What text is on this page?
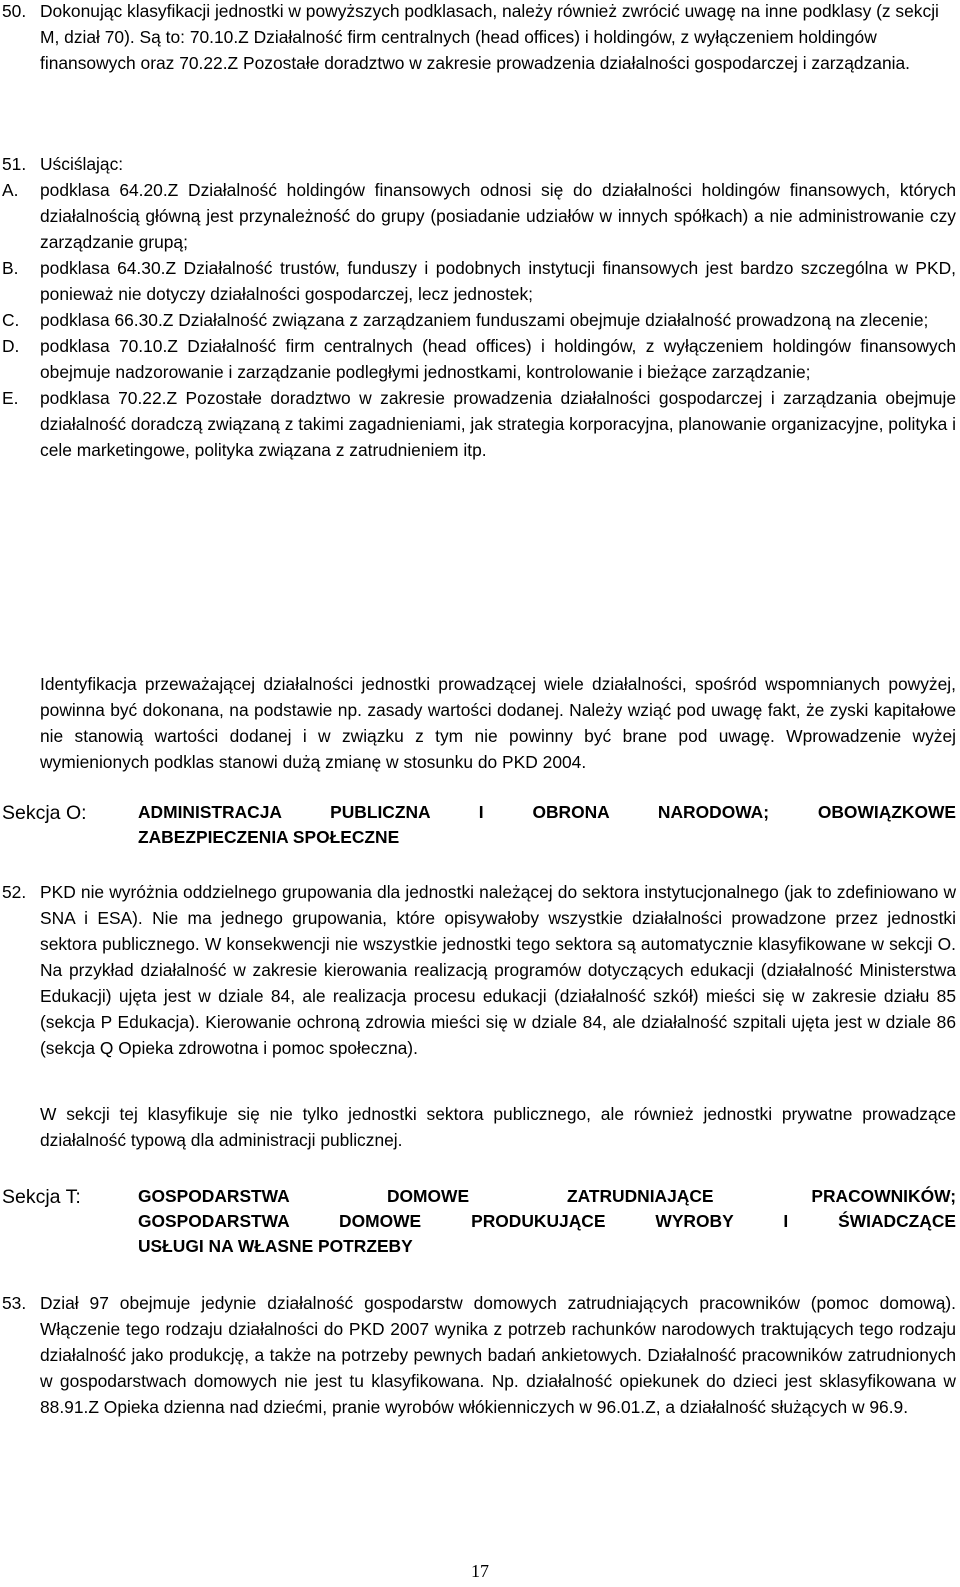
50. Dokonując klasyfikacji jednostki w powyższych podklasach, należy również zwrócić uwagę na inne podklasy (z sekcji M, dział 70). Są to: 70.10.Z Działalność firm centralnych (head offices) i holdingów, z wyłączeniem holdingów finansowych oraz 70.22.Z Pozostałe doradztwo w zakresie prowadzenia działalności gospodarczej i zarządzania.
51. Uściślając:
A. podklasa 64.20.Z Działalność holdingów finansowych odnosi się do działalności holdingów finansowych, których działalnością główną jest przynależność do grupy (posiadanie udziałów w innych spółkach) a nie administrowanie czy zarządzanie grupą;
B. podklasa 64.30.Z Działalność trustów, funduszy i podobnych instytucji finansowych jest bardzo szczególna w PKD, ponieważ nie dotyczy działalności gospodarczej, lecz jednostek;
C. podklasa 66.30.Z Działalność związana z zarządzaniem funduszami obejmuje działalność prowadzoną na zlecenie;
D. podklasa 70.10.Z Działalność firm centralnych (head offices) i holdingów, z wyłączeniem holdingów finansowych obejmuje nadzorowanie i zarządzanie podległymi jednostkami, kontrolowanie i bieżące zarządzanie;
E. podklasa 70.22.Z Pozostałe doradztwo w zakresie prowadzenia działalności gospodarczej i zarządzania obejmuje działalność doradczą związaną z takimi zagadnieniami, jak strategia korporacyjna, planowanie organizacyjne, polityka i cele marketingowe, polityka związana z zatrudnieniem itp.
Identyfikacja przeważającej działalności jednostki prowadzącej wiele działalności, spośród wspomnianych powyżej, powinna być dokonana, na podstawie np. zasady wartości dodanej. Należy wziąć pod uwagę fakt, że zyski kapitałowe nie stanowią wartości dodanej i w związku z tym nie powinny być brane pod uwagę. Wprowadzenie wyżej wymienionych podklas stanowi dużą zmianę w stosunku do PKD 2004.
Sekcja O:	ADMINISTRACJA PUBLICZNA I OBRONA NARODOWA; OBOWIĄZKOWE
ZABEZPIECZENIA SPOŁECZNE
52. PKD nie wyróżnia oddzielnego grupowania dla jednostki należącej do sektora instytucjonalnego (jak to zdefiniowano w SNA i ESA). Nie ma jednego grupowania, które opisywałoby wszystkie działalności prowadzone przez jednostki sektora publicznego. W konsekwencji nie wszystkie jednostki tego sektora są automatycznie klasyfikowane w sekcji O. Na przykład działalność w zakresie kierowania realizacją programów dotyczących edukacji (działalność Ministerstwa Edukacji) ujęta jest w dziale 84, ale realizacja procesu edukacji (działalność szkół) mieści się w zakresie działu 85 (sekcja P Edukacja). Kierowanie ochroną zdrowia mieści się w dziale 84, ale działalność szpitali ujęta jest w dziale 86 (sekcja Q Opieka zdrowotna i pomoc społeczna).
W sekcji tej klasyfikuje się nie tylko jednostki sektora publicznego, ale również jednostki prywatne prowadzące działalność typową dla administracji publicznej.
Sekcja T:	GOSPODARSTWA DOMOWE ZATRUDNIAJĄCE PRACOWNIKÓW;
GOSPODARSTWA DOMOWE PRODUKUJĄCE WYROBY I ŚWIADCZĄCE
USŁUGI NA WŁASNE POTRZEBY
53. Dział 97 obejmuje jedynie działalność gospodarstw domowych zatrudniających pracowników (pomoc domową). Włączenie tego rodzaju działalności do PKD 2007 wynika z potrzeb rachunków narodowych traktujących tego rodzaju działalność jako produkcję, a także na potrzeby pewnych badań ankietowych. Działalność pracowników zatrudnionych w gospodarstwach domowych nie jest tu klasyfikowana. Np. działalność opiekunek do dzieci jest sklasyfikowana w 88.91.Z Opieka dzienna nad dziećmi, pranie wyrobów włókienniczych w 96.01.Z, a działalność służących w 96.9.
17
